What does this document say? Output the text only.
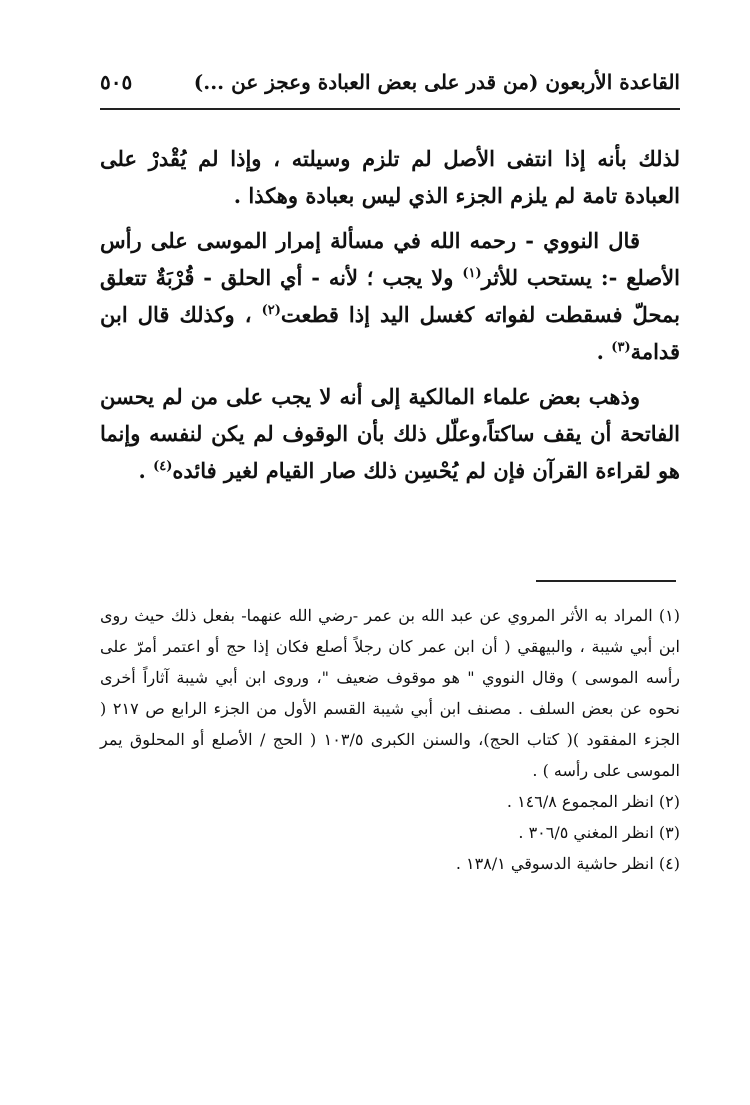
القاعدة الأربعون (من قدر على بعض العبادة وعجز عن ...)
٥٠٥

لذلك بأنه إذا انتفى الأصل لم تلزم وسيلته ، وإذا لم يُقْدرْ على العبادة تامة لم يلزم الجزء الذي ليس بعبادة وهكذا .

قال النووي - رحمه الله في مسألة إمرار الموسى على رأس الأصلع -: يستحب للأثر$^{(١)}$ ولا يجب ؛ لأنه - أي الحلق - قُرْبَةٌ تتعلق بمحلّ فسقطت لفواته كغسل اليد إذا قطعت$^{(٢)}$ ، وكذلك قال ابن قدامة$^{(٣)}$ .

وذهب بعض علماء المالكية إلى أنه لا يجب على من لم يحسن الفاتحة أن يقف ساكتاً،وعلّل ذلك بأن الوقوف لم يكن لنفسه وإنما هو لقراءة القرآن فإن لم يُحْسِن ذلك صار القيام لغير فائده$^{(٤)}$ .

(١) المراد به الأثر المروي عن عبد الله بن عمر -رضي الله عنهما- بفعل ذلك حيث روى ابن أبي شيبة ، والبيهقي ( أن ابن عمر كان رجلاً أصلع فكان إذا حج أو اعتمر أمرّ على رأسه الموسى ) وقال النووي " هو موقوف ضعيف "، وروى ابن أبي شيبة آثاراً أخرى نحوه عن بعض السلف . مصنف ابن أبي شيبة القسم الأول من الجزء الرابع ص ٢١٧ ( الجزء المفقود )( كتاب الحج)، والسنن الكبرى ١٠٣/٥ ( الحج / الأصلع أو المحلوق يمر الموسى على رأسه ) .

(٢) انظر المجموع ١٤٦/٨ .

(٣) انظر المغني ٣٠٦/٥ .

(٤) انظر حاشية الدسوقي ١٣٨/١ .
